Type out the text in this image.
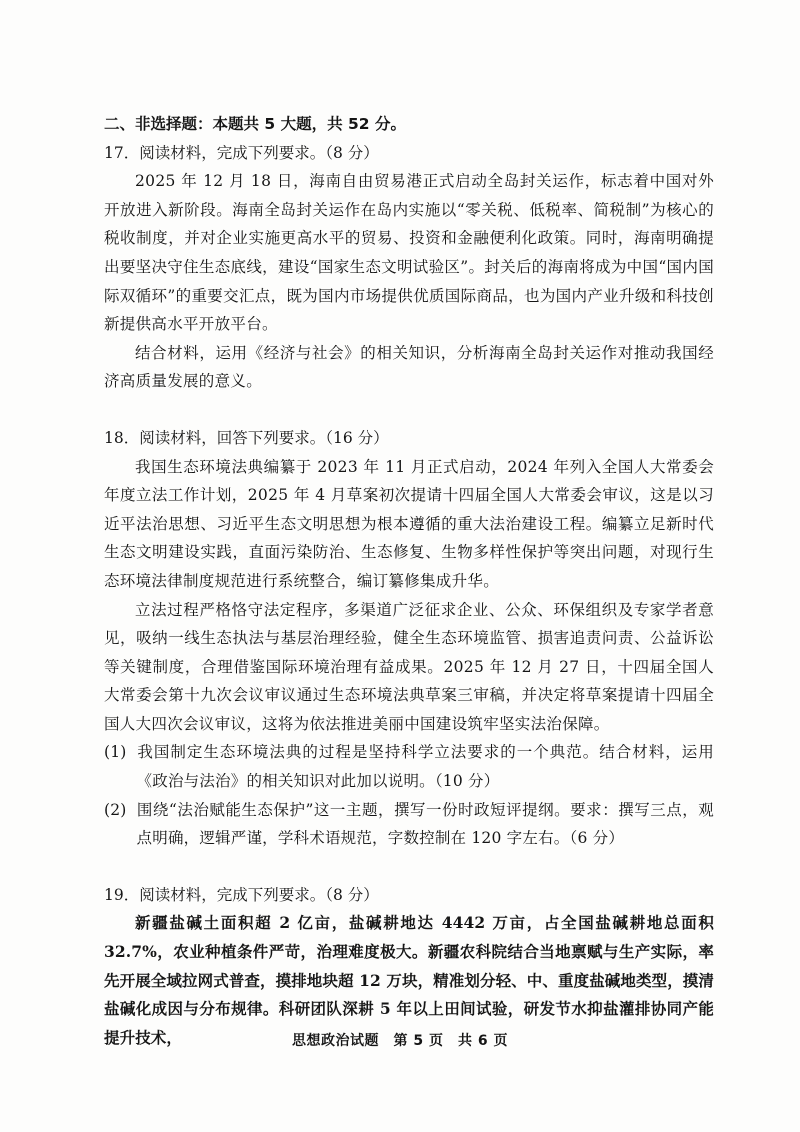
二、非选择题：本题共 5 大题，共 52 分。

17．阅读材料，完成下列要求。（8 分）

2025 年 12 月 18 日，海南自由贸易港正式启动全岛封关运作，标志着中国对外开放进入新阶段。海南全岛封关运作在岛内实施以“零关税、低税率、简税制”为核心的税收制度，并对企业实施更高水平的贸易、投资和金融便利化政策。同时，海南明确提出要坚决守住生态底线，建设“国家生态文明试验区”。封关后的海南将成为中国“国内国际双循环”的重要交汇点，既为国内市场提供优质国际商品，也为国内产业升级和科技创新提供高水平开放平台。

结合材料，运用《经济与社会》的相关知识，分析海南全岛封关运作对推动我国经济高质量发展的意义。

18．阅读材料，回答下列要求。（16 分）

我国生态环境法典编纂于 2023 年 11 月正式启动，2024 年列入全国人大常委会年度立法工作计划，2025 年 4 月草案初次提请十四届全国人大常委会审议，这是以习近平法治思想、习近平生态文明思想为根本遵循的重大法治建设工程。编纂立足新时代生态文明建设实践，直面污染防治、生态修复、生物多样性保护等突出问题，对现行生态环境法律制度规范进行系统整合，编订纂修集成升华。

立法过程严格恪守法定程序，多渠道广泛征求企业、公众、环保组织及专家学者意见，吸纳一线生态执法与基层治理经验，健全生态环境监管、损害追责问责、公益诉讼等关键制度，合理借鉴国际环境治理有益成果。2025 年 12 月 27 日，十四届全国人大常委会第十九次会议审议通过生态环境法典草案三审稿，并决定将草案提请十四届全国人大四次会议审议，这将为依法推进美丽中国建设筑牢坚实法治保障。

(1) 我国制定生态环境法典的过程是坚持科学立法要求的一个典范。结合材料，运用《政治与法治》的相关知识对此加以说明。（10 分）

(2) 围绕“法治赋能生态保护”这一主题，撰写一份时政短评提纲。要求：撰写三点，观点明确，逻辑严谨，学科术语规范，字数控制在 120 字左右。（6 分）

19．阅读材料，完成下列要求。（8 分）

新疆盐碱土面积超 2 亿亩，盐碱耕地达 4442 万亩，占全国盐碱耕地总面积 32.7%，农业种植条件严苛，治理难度极大。新疆农科院结合当地禀赋与生产实际，率先开展全域拉网式普查，摸排地块超 12 万块，精准划分轻、中、重度盐碱地类型，摸清盐碱化成因与分布规律。科研团队深耕 5 年以上田间试验，研发节水抑盐灌排协同产能提升技术，	思想政治试题　第 5 页　共 6 页
